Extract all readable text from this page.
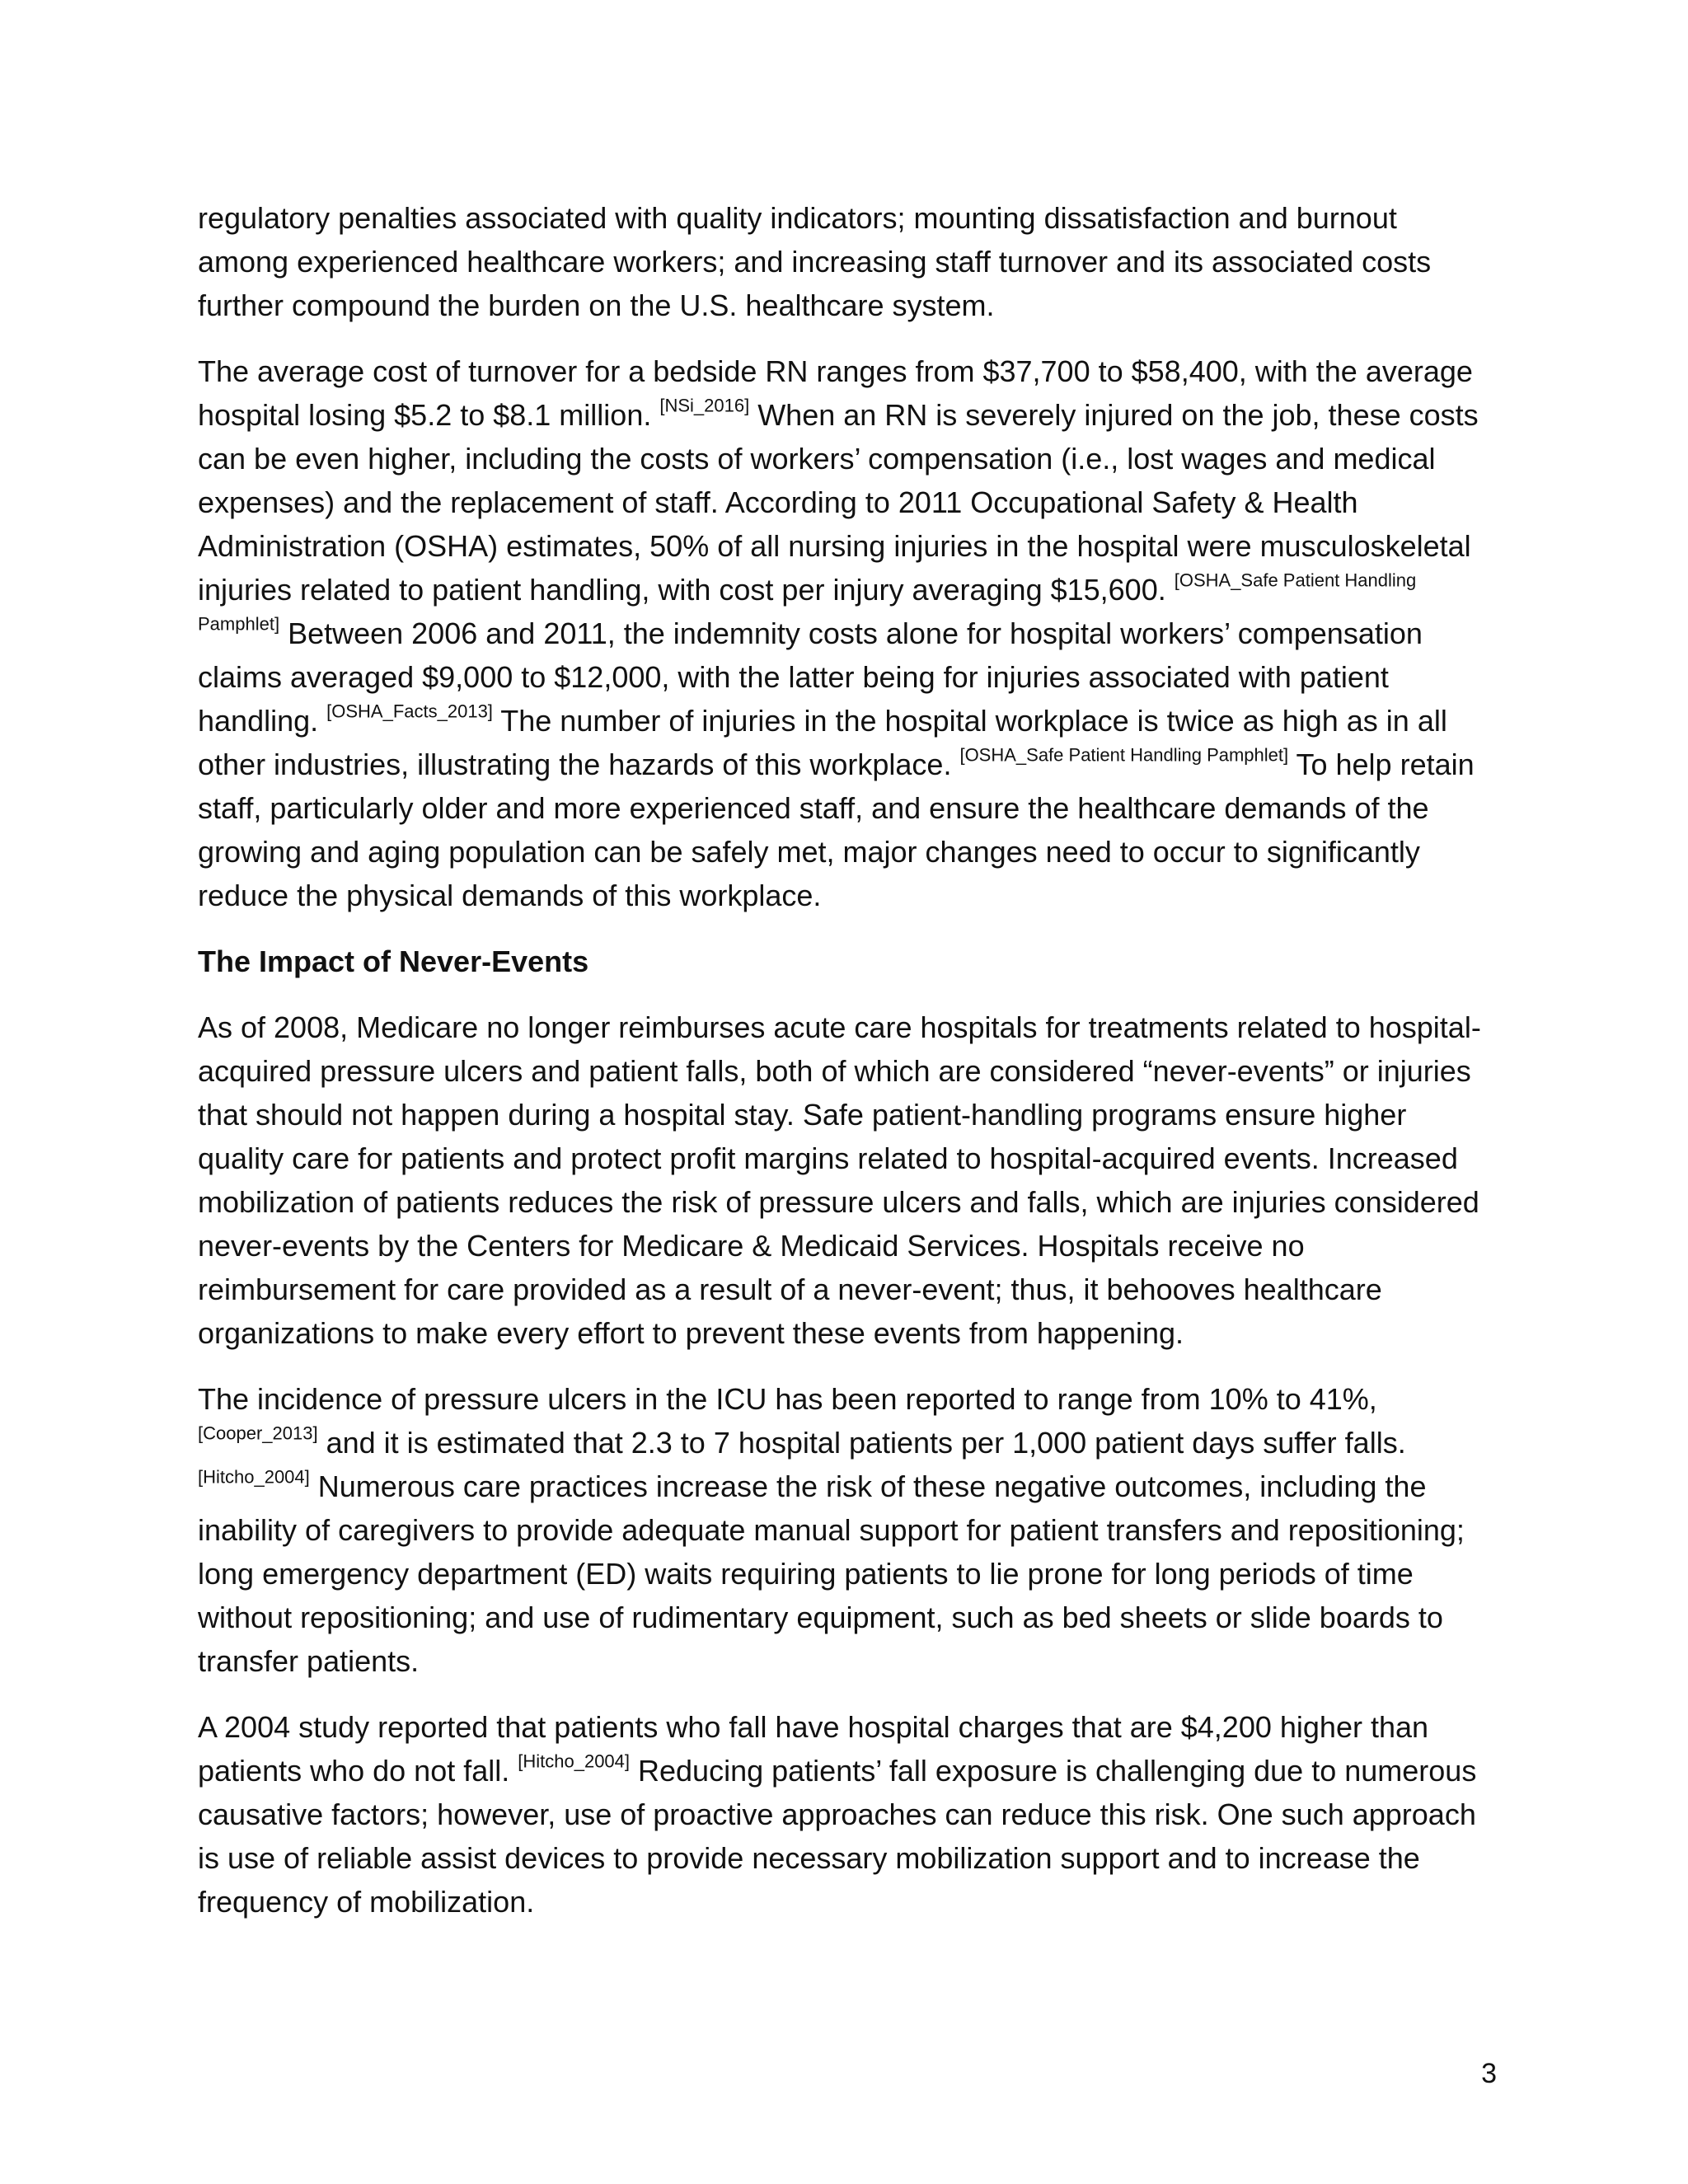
regulatory penalties associated with quality indicators; mounting dissatisfaction and burnout among experienced healthcare workers; and increasing staff turnover and its associated costs further compound the burden on the U.S. healthcare system.

The average cost of turnover for a bedside RN ranges from $37,700 to $58,400, with the average hospital losing $5.2 to $8.1 million. [NSi_2016] When an RN is severely injured on the job, these costs can be even higher, including the costs of workers’ compensation (i.e., lost wages and medical expenses) and the replacement of staff. According to 2011 Occupational Safety & Health Administration (OSHA) estimates, 50% of all nursing injuries in the hospital were musculoskeletal injuries related to patient handling, with cost per injury averaging $15,600. [OSHA_Safe Patient Handling Pamphlet] Between 2006 and 2011, the indemnity costs alone for hospital workers’ compensation claims averaged $9,000 to $12,000, with the latter being for injuries associated with patient handling. [OSHA_Facts_2013] The number of injuries in the hospital workplace is twice as high as in all other industries, illustrating the hazards of this workplace. [OSHA_Safe Patient Handling Pamphlet] To help retain staff, particularly older and more experienced staff, and ensure the healthcare demands of the growing and aging population can be safely met, major changes need to occur to significantly reduce the physical demands of this workplace.

The Impact of Never-Events

As of 2008, Medicare no longer reimburses acute care hospitals for treatments related to hospital-acquired pressure ulcers and patient falls, both of which are considered “never-events” or injuries that should not happen during a hospital stay. Safe patient-handling programs ensure higher quality care for patients and protect profit margins related to hospital-acquired events. Increased mobilization of patients reduces the risk of pressure ulcers and falls, which are injuries considered never-events by the Centers for Medicare & Medicaid Services. Hospitals receive no reimbursement for care provided as a result of a never-event; thus, it behooves healthcare organizations to make every effort to prevent these events from happening.

The incidence of pressure ulcers in the ICU has been reported to range from 10% to 41%, [Cooper_2013] and it is estimated that 2.3 to 7 hospital patients per 1,000 patient days suffer falls. [Hitcho_2004] Numerous care practices increase the risk of these negative outcomes, including the inability of caregivers to provide adequate manual support for patient transfers and repositioning; long emergency department (ED) waits requiring patients to lie prone for long periods of time without repositioning; and use of rudimentary equipment, such as bed sheets or slide boards to transfer patients.

A 2004 study reported that patients who fall have hospital charges that are $4,200 higher than patients who do not fall. [Hitcho_2004] Reducing patients’ fall exposure is challenging due to numerous causative factors; however, use of proactive approaches can reduce this risk. One such approach is use of reliable assist devices to provide necessary mobilization support and to increase the frequency of mobilization.

3
